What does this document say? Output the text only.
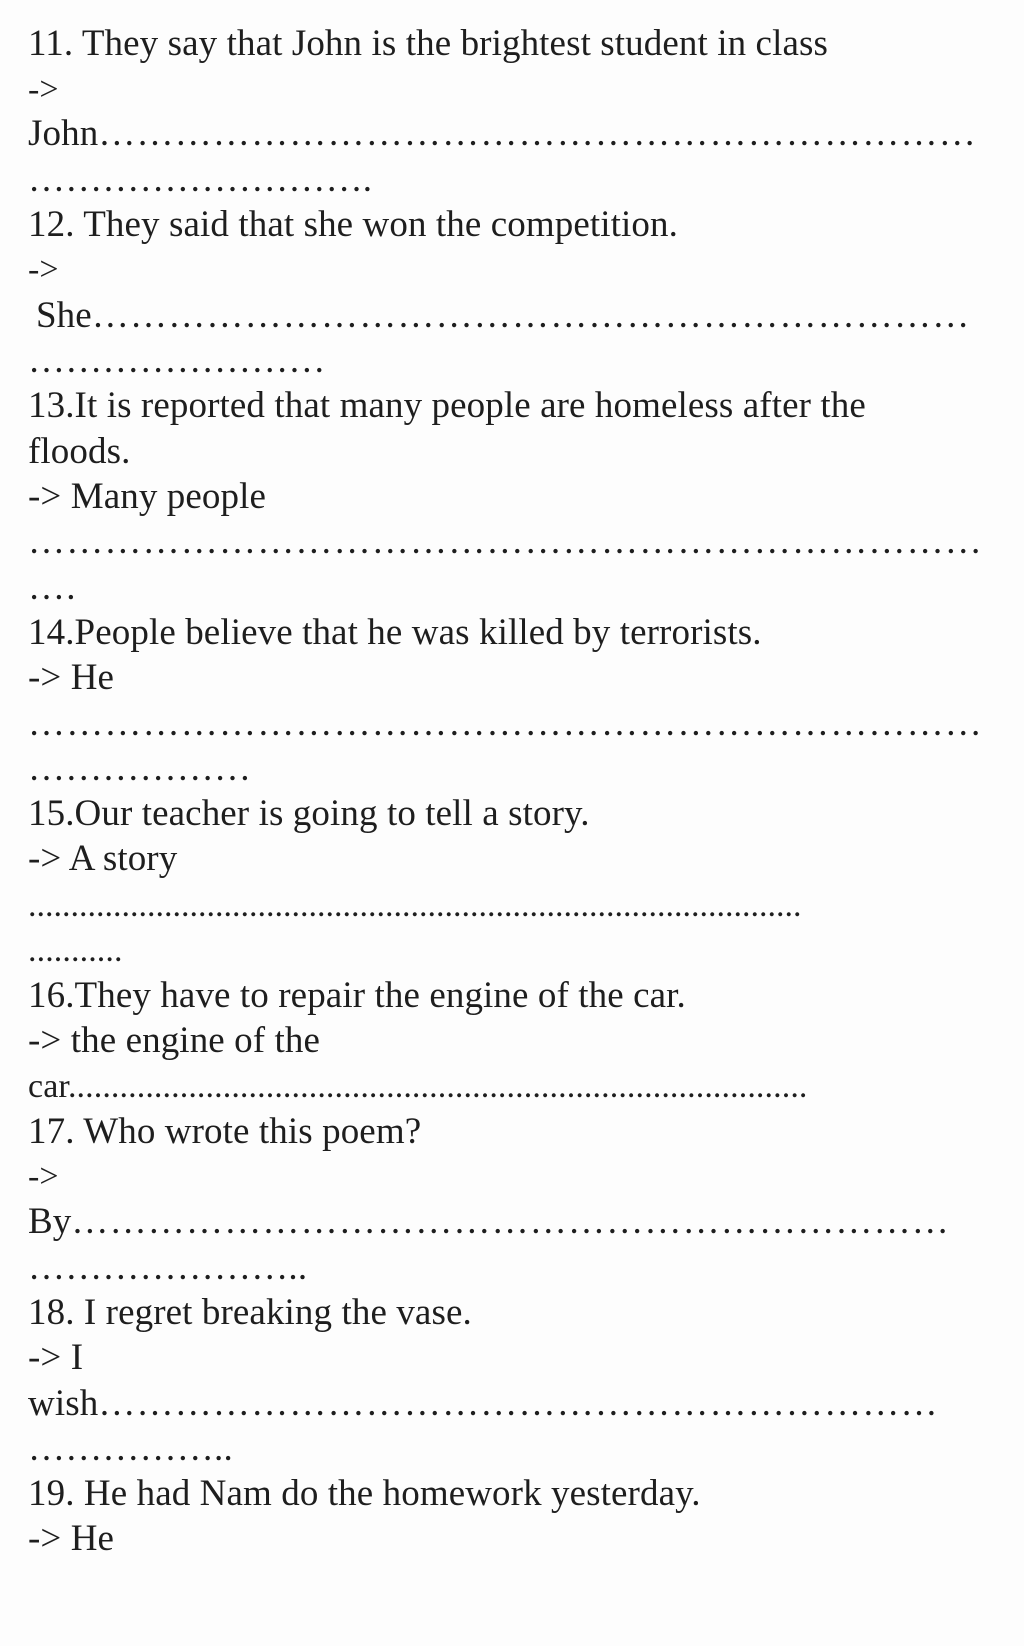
11. They say that John is the brightest student in class
->
John……………………………………………………………
……………………….
12. They said that she won the competition.
->
She……………………………………………………………
……………………
13.It is reported that many people are homeless after the
floods.
-> Many people
…………………………………………………………………
….
14.People believe that he was killed by terrorists.
-> He
…………………………………………………………………
………………
15.Our teacher is going to tell a story.
-> A story
...........................................................................................
...........
16.They have to repair the engine of the car.
-> the engine of the
car......................................................................................
17. Who wrote this poem?
->
By……………………………………………………………
…………………..
18. I regret breaking the vase.
-> I
wish…………………………………………………………
……………..
19. He had Nam do the homework yesterday.
-> He
